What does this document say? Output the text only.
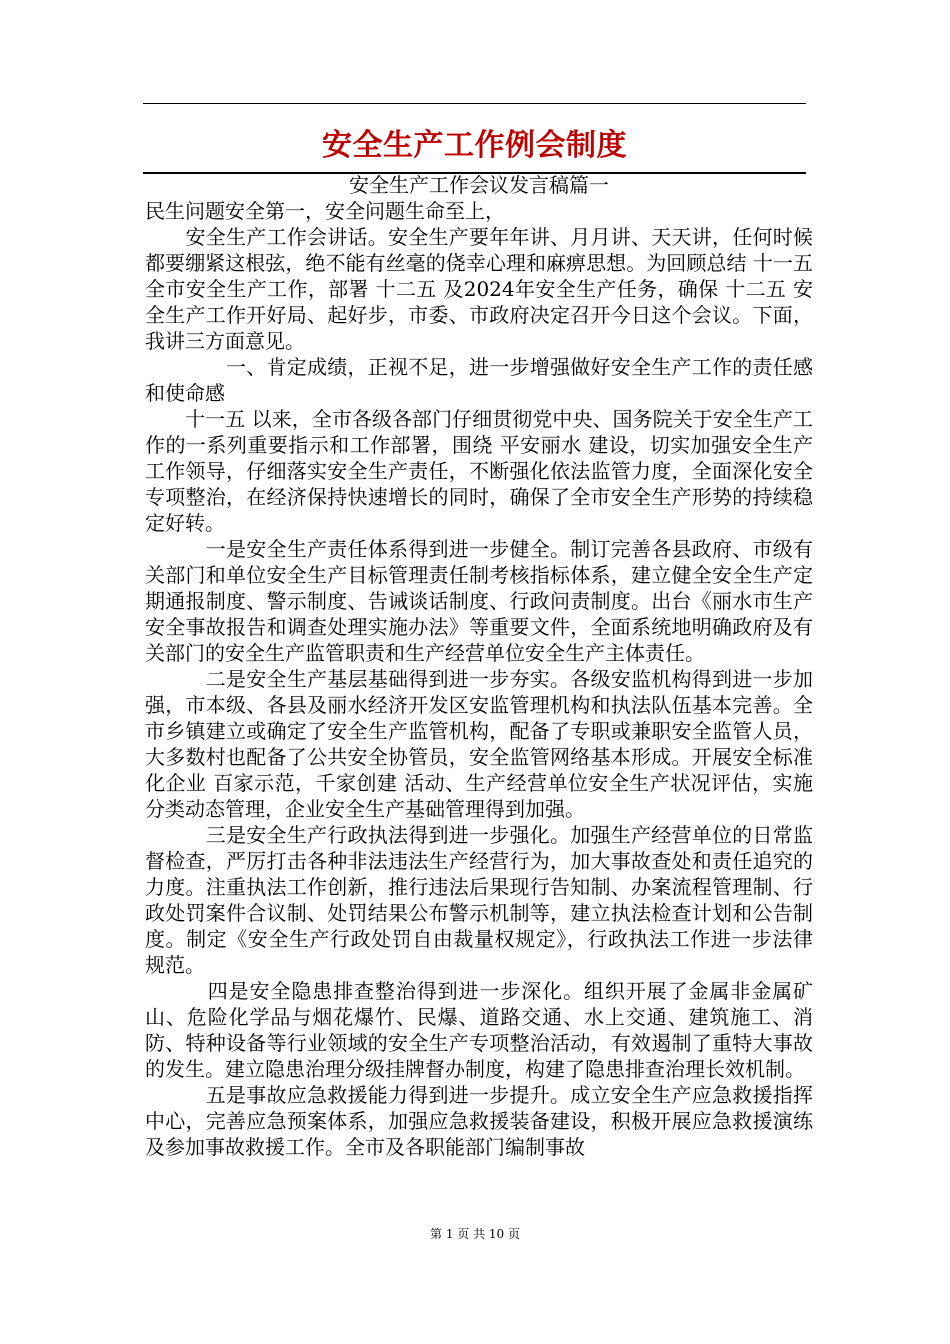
安全生产工作例会制度

安全生产工作会议发言稿篇一

民生问题安全第一，安全问题生命至上，

　　安全生产工作会讲话。安全生产要年年讲、月月讲、天天讲，任何时候都要绷紧这根弦，绝不能有丝毫的侥幸心理和麻痹思想。为回顾总结 十一五 全市安全生产工作，部署 十二五 及2024年安全生产任务，确保 十二五 安全生产工作开好局、起好步，市委、市政府决定召开今日这个会议。下面，我讲三方面意见。

　　　　一、肯定成绩，正视不足，进一步增强做好安全生产工作的责任感和使命感

　　十一五 以来，全市各级各部门仔细贯彻党中央、国务院关于安全生产工作的一系列重要指示和工作部署，围绕 平安丽水 建设，切实加强安全生产工作领导，仔细落实安全生产责任，不断强化依法监管力度，全面深化安全专项整治，在经济保持快速增长的同时，确保了全市安全生产形势的持续稳定好转。

　　　一是安全生产责任体系得到进一步健全。制订完善各县政府、市级有关部门和单位安全生产目标管理责任制考核指标体系，建立健全安全生产定期通报制度、警示制度、告诫谈话制度、行政问责制度。出台《丽水市生产安全事故报告和调查处理实施办法》等重要文件，全面系统地明确政府及有关部门的安全生产监管职责和生产经营单位安全生产主体责任。

　　　二是安全生产基层基础得到进一步夯实。各级安监机构得到进一步加强，市本级、各县及丽水经济开发区安监管理机构和执法队伍基本完善。全市乡镇建立或确定了安全生产监管机构，配备了专职或兼职安全监管人员，大多数村也配备了公共安全协管员，安全监管网络基本形成。开展安全标准化企业 百家示范，千家创建 活动、生产经营单位安全生产状况评估，实施分类动态管理，企业安全生产基础管理得到加强。

　　　三是安全生产行政执法得到进一步强化。加强生产经营单位的日常监督检查，严厉打击各种非法违法生产经营行为，加大事故查处和责任追究的力度。注重执法工作创新，推行违法后果现行告知制、办案流程管理制、行政处罚案件合议制、处罚结果公布警示机制等，建立执法检查计划和公告制度。制定《安全生产行政处罚自由裁量权规定》，行政执法工作进一步法律规范。

　　　四是安全隐患排查整治得到进一步深化。组织开展了金属非金属矿山、危险化学品与烟花爆竹、民爆、道路交通、水上交通、建筑施工、消防、特种设备等行业领域的安全生产专项整治活动，有效遏制了重特大事故的发生。建立隐患治理分级挂牌督办制度，构建了隐患排查治理长效机制。

　　　五是事故应急救援能力得到进一步提升。成立安全生产应急救援指挥中心，完善应急预案体系，加强应急救援装备建设，积极开展应急救援演练及参加事故救援工作。全市及各职能部门编制事故

第 1 页 共 10 页
